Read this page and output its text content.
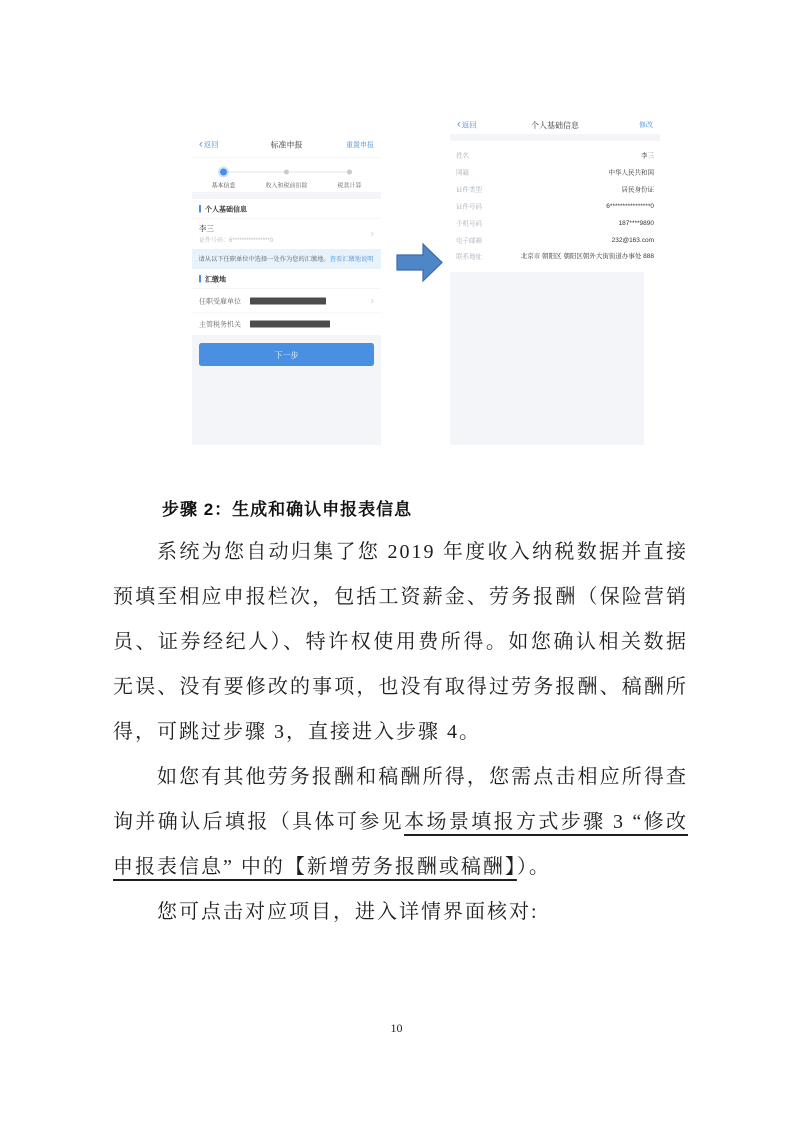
标准申报
‹ 返回	重置申报
基本信息 收入和税前扣除 税款计算
个人基础信息
李三
证件号码：6****************0
›
请从以下任职单位中选择一处作为您的汇缴地。查看汇缴地说明
汇缴地
任职受雇单位	›
主管税务机关
下一步
个人基础信息
‹ 返回	修改
姓名	李三
国籍	中华人民共和国
证件类型	居民身份证
证件号码	6****************0
手机号码	187****9890
电子邮箱	232@163.com
联系地址	北京市 朝阳区 朝阳区朝外大街街道办事处 888
步骤 2：生成和确认申报表信息

系统为您自动归集了您 2019 年度收入纳税数据并直接预填至相应申报栏次，包括工资薪金、劳务报酬（保险营销员、证券经纪人）、特许权使用费所得。如您确认相关数据无误、没有要修改的事项，也没有取得过劳务报酬、稿酬所得，可跳过步骤 3，直接进入步骤 4。

如您有其他劳务报酬和稿酬所得，您需点击相应所得查询并确认后填报（具体可参见本场景填报方式步骤 3 “修改申报表信息” 中的【新增劳务报酬或稿酬】）。

您可点击对应项目，进入详情界面核对:

10
